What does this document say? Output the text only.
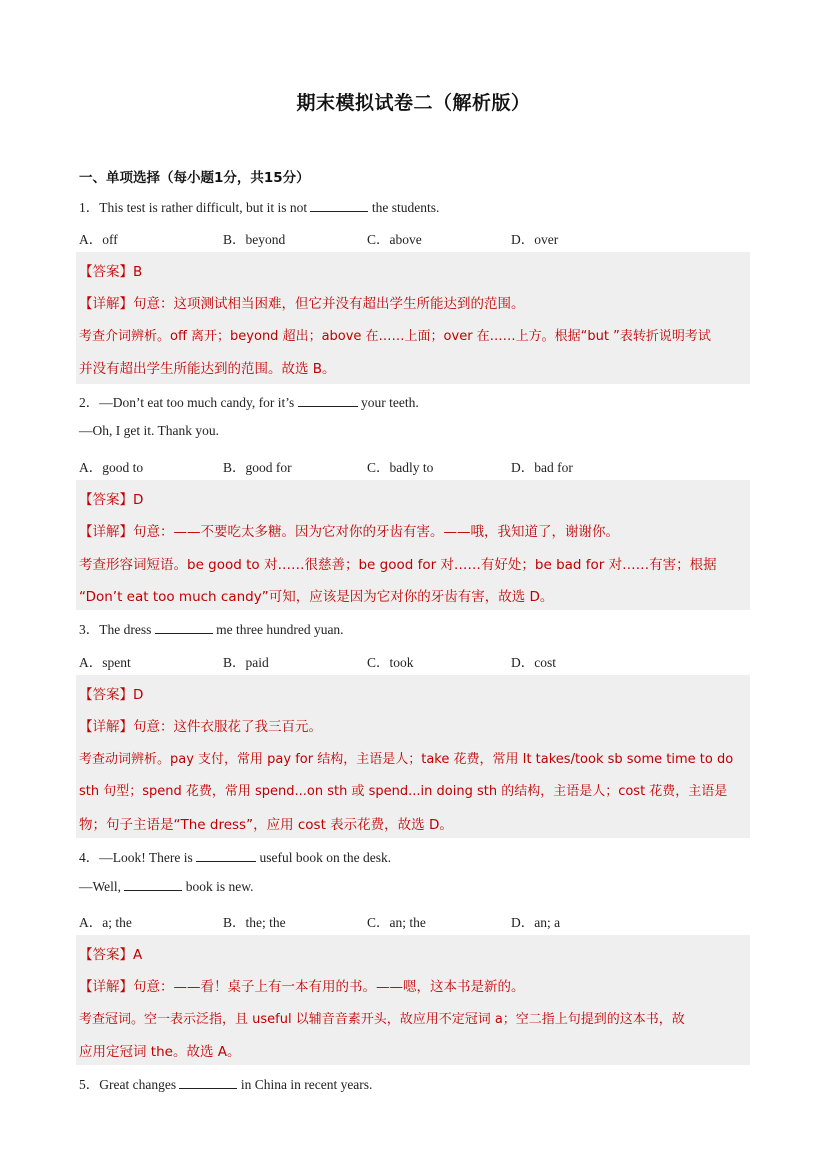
期末模拟试卷二（解析版）
一、单项选择（每小题1分，共15分）
1．This test is rather difficult, but it is not	the students.
A．off	B．beyond	C．above	D．over
【答案】B
【详解】句意：这项测试相当困难，但它并没有超出学生所能达到的范围。
考查介词辨析。off 离开；beyond 超出；above 在……上面；over 在……上方。根据“but ”表转折说明考试
并没有超出学生所能达到的范围。故选 B。
2．—Don’t eat too much candy, for it’s	your teeth.
—Oh, I get it. Thank you.
A．good to	B．good for	C．badly to	D．bad for
【答案】D
【详解】句意：——不要吃太多糖。因为它对你的牙齿有害。——哦，我知道了，谢谢你。
考查形容词短语。be good to 对……很慈善；be good for 对……有好处；be bad for 对……有害；根据
“Don’t eat too much candy”可知，应该是因为它对你的牙齿有害，故选 D。
3．The dress	me three hundred yuan.
A．spent	B．paid	C．took	D．cost
【答案】D
【详解】句意：这件衣服花了我三百元。
考查动词辨析。pay 支付，常用 pay for 结构，主语是人；take 花费，常用 It takes/took sb some time to do
sth 句型；spend 花费，常用 spend...on sth 或 spend...in doing sth 的结构，主语是人；cost 花费，主语是
物；句子主语是“The dress”，应用 cost 表示花费，故选 D。
4．—Look! There is	useful book on the desk.
—Well,	book is new.
A．a; the	B．the; the	C．an; the	D．an; a
【答案】A
【详解】句意：——看！桌子上有一本有用的书。——嗯，这本书是新的。
考查冠词。空一表示泛指，且 useful 以辅音音素开头，故应用不定冠词 a；空二指上句提到的这本书，故
应用定冠词 the。故选 A。
5．Great changes	in China in recent years.
